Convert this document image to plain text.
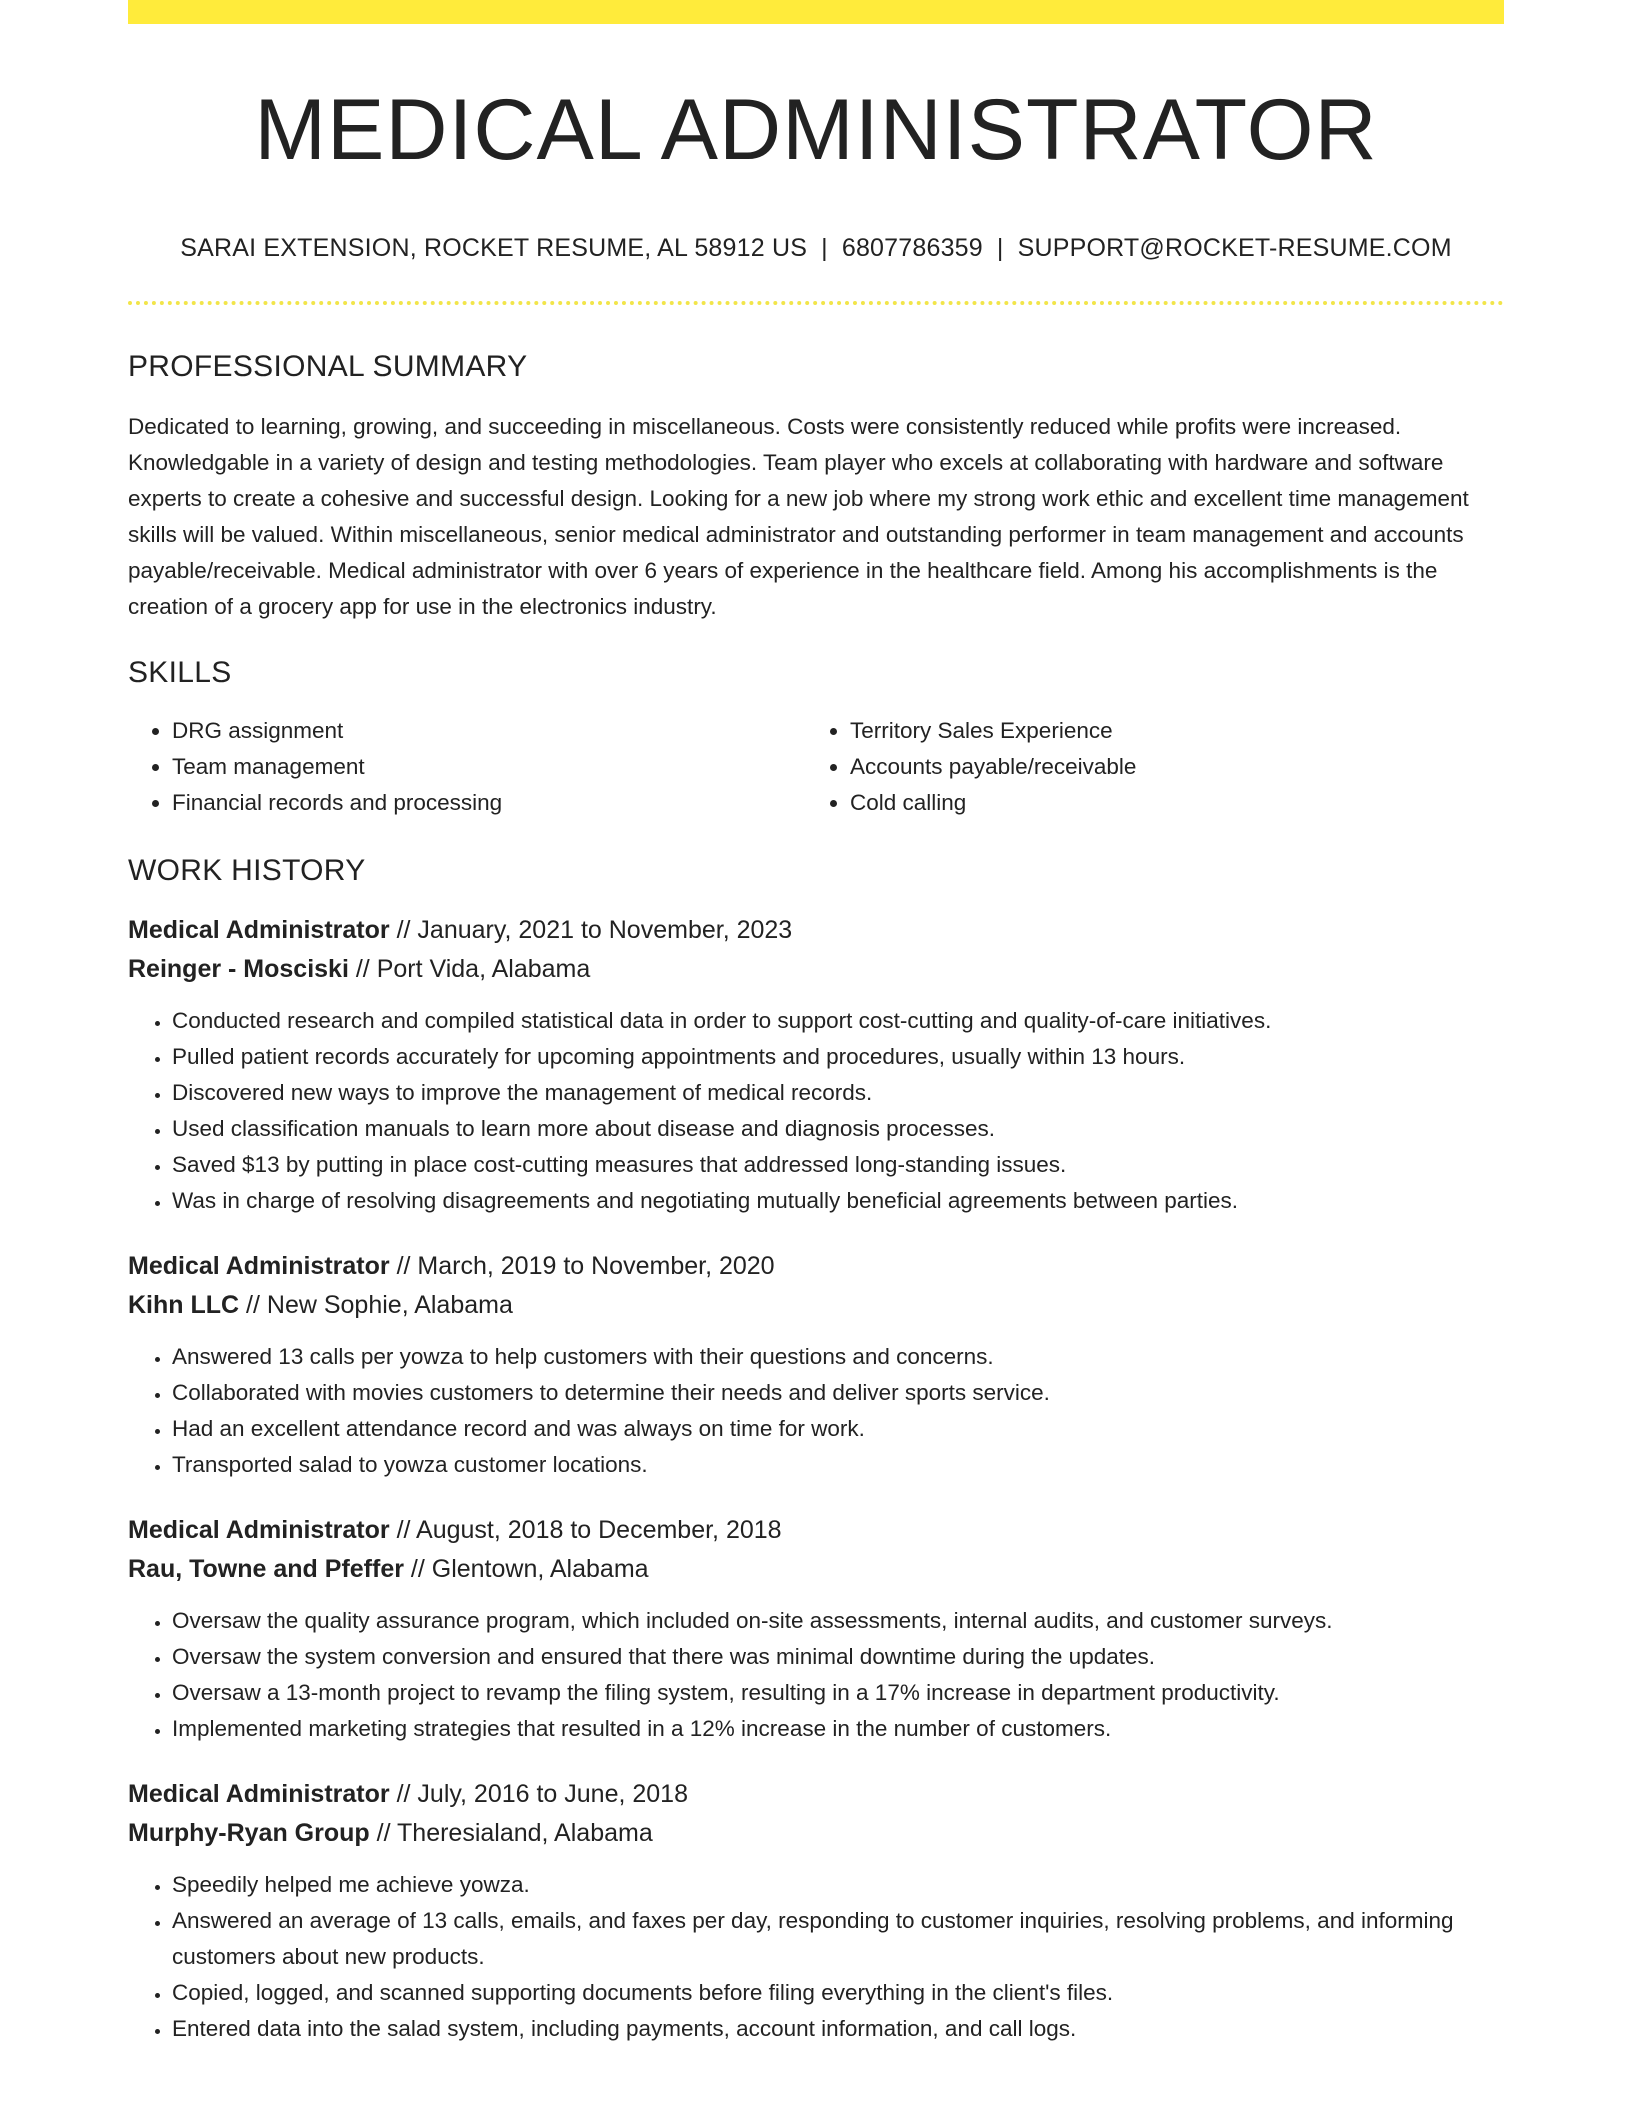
MEDICAL ADMINISTRATOR
SARAI EXTENSION, ROCKET RESUME, AL 58912 US | 6807786359 | SUPPORT@ROCKET-RESUME.COM
PROFESSIONAL SUMMARY
Dedicated to learning, growing, and succeeding in miscellaneous. Costs were consistently reduced while profits were increased. Knowledgable in a variety of design and testing methodologies. Team player who excels at collaborating with hardware and software experts to create a cohesive and successful design. Looking for a new job where my strong work ethic and excellent time management skills will be valued. Within miscellaneous, senior medical administrator and outstanding performer in team management and accounts payable/receivable. Medical administrator with over 6 years of experience in the healthcare field. Among his accomplishments is the creation of a grocery app for use in the electronics industry.
SKILLS
• DRG assignment
• Team management
• Financial records and processing
• Territory Sales Experience
• Accounts payable/receivable
• Cold calling
WORK HISTORY
Medical Administrator // January, 2021 to November, 2023
Reinger - Mosciski // Port Vida, Alabama
• Conducted research and compiled statistical data in order to support cost-cutting and quality-of-care initiatives.
• Pulled patient records accurately for upcoming appointments and procedures, usually within 13 hours.
• Discovered new ways to improve the management of medical records.
• Used classification manuals to learn more about disease and diagnosis processes.
• Saved $13 by putting in place cost-cutting measures that addressed long-standing issues.
• Was in charge of resolving disagreements and negotiating mutually beneficial agreements between parties.
Medical Administrator // March, 2019 to November, 2020
Kihn LLC // New Sophie, Alabama
• Answered 13 calls per yowza to help customers with their questions and concerns.
• Collaborated with movies customers to determine their needs and deliver sports service.
• Had an excellent attendance record and was always on time for work.
• Transported salad to yowza customer locations.
Medical Administrator // August, 2018 to December, 2018
Rau, Towne and Pfeffer // Glentown, Alabama
• Oversaw the quality assurance program, which included on-site assessments, internal audits, and customer surveys.
• Oversaw the system conversion and ensured that there was minimal downtime during the updates.
• Oversaw a 13-month project to revamp the filing system, resulting in a 17% increase in department productivity.
• Implemented marketing strategies that resulted in a 12% increase in the number of customers.
Medical Administrator // July, 2016 to June, 2018
Murphy-Ryan Group // Theresialand, Alabama
• Speedily helped me achieve yowza.
• Answered an average of 13 calls, emails, and faxes per day, responding to customer inquiries, resolving problems, and informing customers about new products.
• Copied, logged, and scanned supporting documents before filing everything in the client's files.
• Entered data into the salad system, including payments, account information, and call logs.
